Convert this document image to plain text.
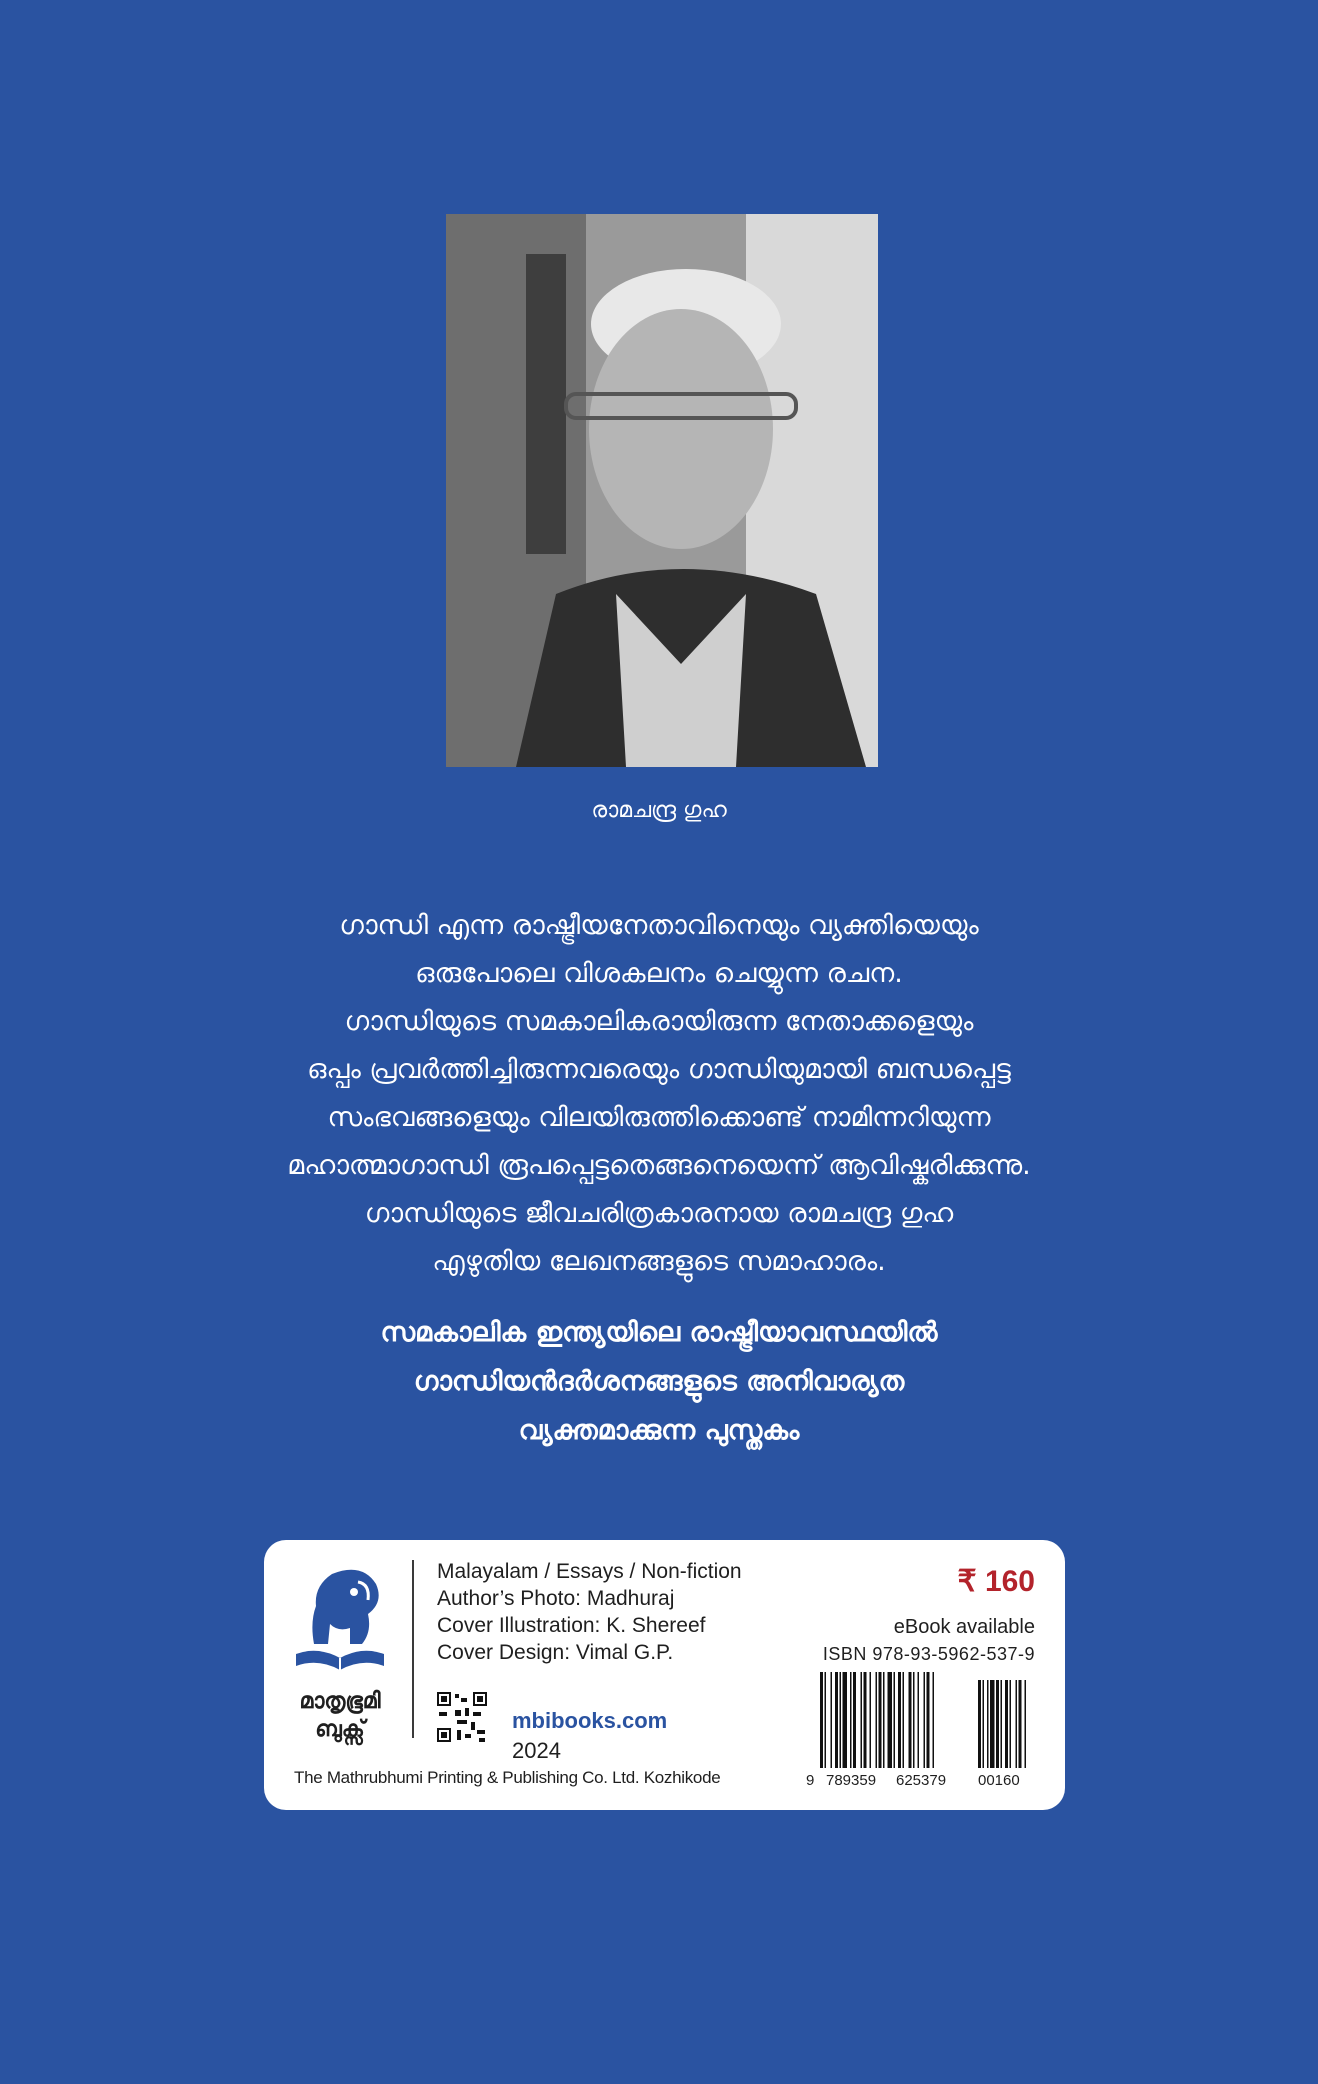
രാമചന്ദ്ര ഗുഹ
ഗാന്ധി എന്ന രാഷ്ട്രീയനേതാവിനെയും വ്യക്തിയെയും
ഒരുപോലെ വിശകലനം ചെയ്യുന്ന രചന.
ഗാന്ധിയുടെ സമകാലികരായിരുന്ന നേതാക്കളെയും
ഒപ്പം പ്രവർത്തിച്ചിരുന്നവരെയും ഗാന്ധിയുമായി ബന്ധപ്പെട്ട
സംഭവങ്ങളെയും വിലയിരുത്തിക്കൊണ്ട് നാമിന്നറിയുന്ന
മഹാത്മാഗാന്ധി രൂപപ്പെട്ടതെങ്ങനെയെന്ന് ആവിഷ്കരിക്കുന്നു.
ഗാന്ധിയുടെ ജീവചരിത്രകാരനായ രാമചന്ദ്ര ഗുഹ
എഴുതിയ ലേഖനങ്ങളുടെ സമാഹാരം.
സമകാലിക ഇന്ത്യയിലെ രാഷ്ട്രീയാവസ്ഥയിൽ
ഗാന്ധിയൻദർശനങ്ങളുടെ അനിവാര്യത
വ്യക്തമാക്കുന്ന പുസ്തകം
മാതൃഭൂമി
ബുക്സ്
Malayalam / Essays / Non-fiction
Author’s Photo: Madhuraj
Cover Illustration: K. Shereef
Cover Design: Vimal G.P.
mbibooks.com
2024
The Mathrubhumi Printing & Publishing Co. Ltd. Kozhikode
₹ 160
eBook available
ISBN 978-93-5962-537-9
9 789359 625379 00160
